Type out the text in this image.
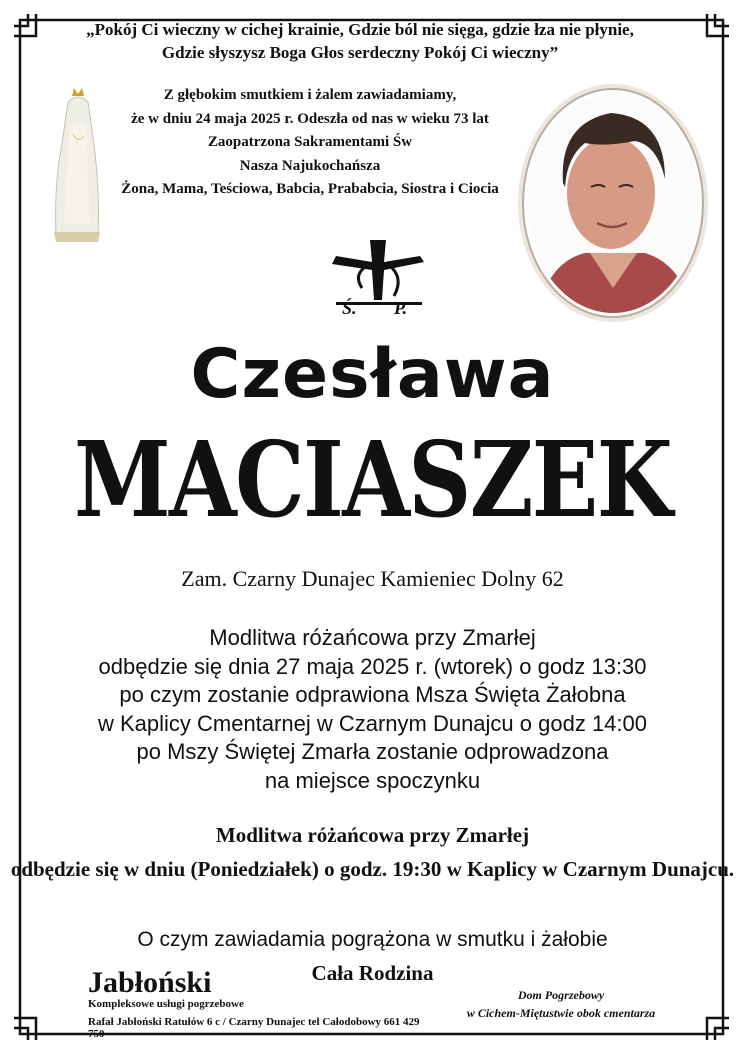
„Pokój Ci wieczny w cichej krainie, Gdzie ból nie sięga, gdzie łza nie płynie,
Gdzie słyszysz Boga Głos serdeczny Pokój Ci wieczny”
Z głębokim smutkiem i żalem zawiadamiamy,
że w dniu 24 maja 2025 r. Odeszła od nas w wieku 73 lat
Zaopatrzona Sakramentami Św
Nasza Najukochańsza
Żona, Mama, Teściowa, Babcia, Prababcia, Siostra i Ciocia
Ś. P.
Czesława
MACIASZEK
Zam. Czarny Dunajec Kamieniec Dolny 62
Modlitwa różańcowa przy Zmarłej
odbędzie się dnia 27 maja 2025 r. (wtorek) o godz 13:30
po czym zostanie odprawiona Msza Święta Żałobna
w Kaplicy Cmentarnej w Czarnym Dunajcu o godz 14:00
po Mszy Świętej Zmarła zostanie odprowadzona
na miejsce spoczynku
Modlitwa różańcowa przy Zmarłej
odbędzie się w dniu (Poniedziałek) o godz. 19:30 w Kaplicy w Czarnym Dunajcu.
O czym zawiadamia pogrążona w smutku i żałobie
Cała Rodzina
Jabłoński
Kompleksowe usługi pogrzebowe
Rafał Jabłoński Ratułów 6 c / Czarny Dunajec tel Całodobowy 661 429 750
Dom Pogrzebowy
w Cichem-Miętustwie obok cmentarza
